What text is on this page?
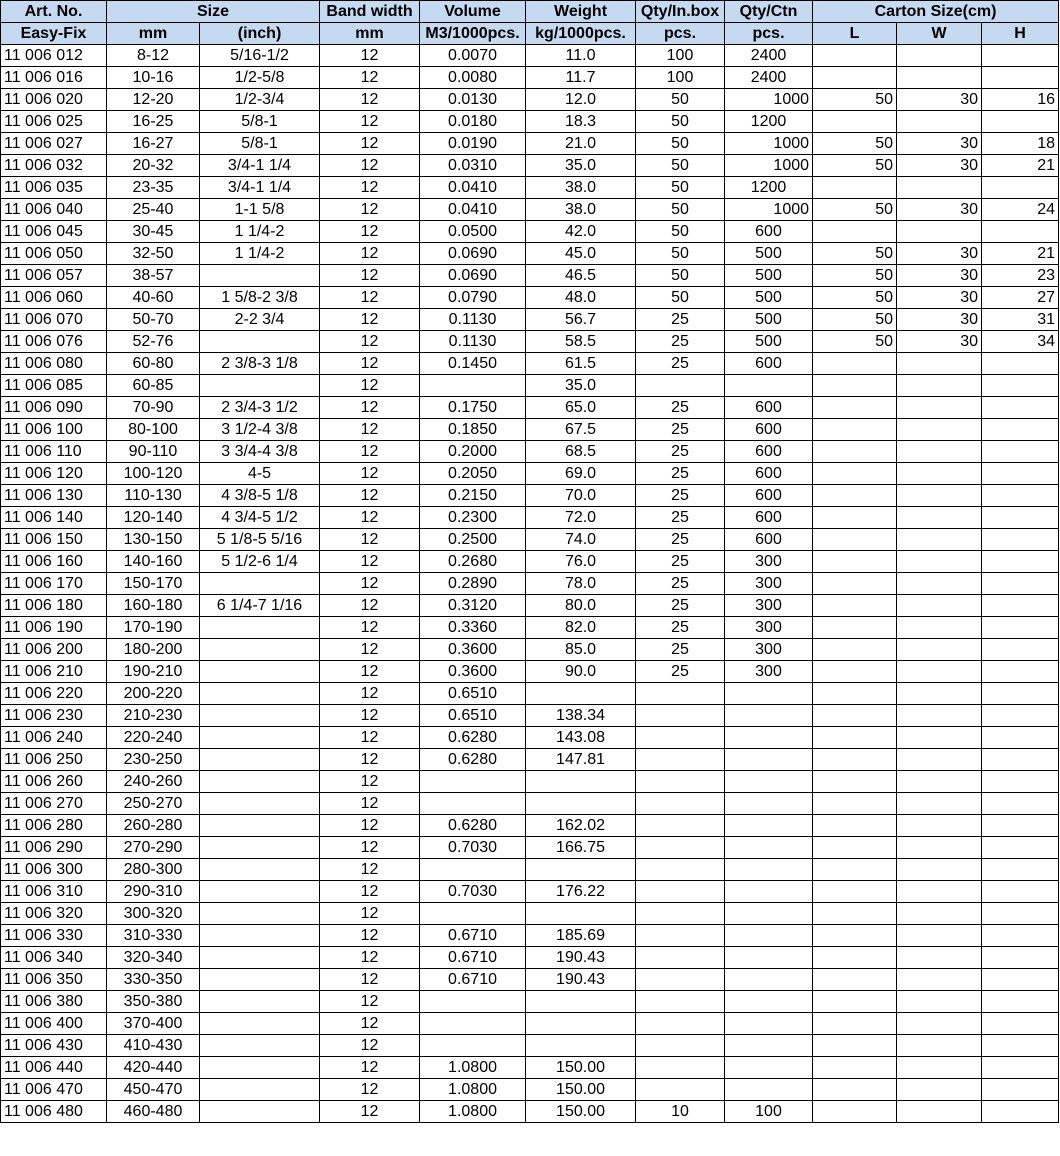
Art. No.	Size		Band width	Volume	Weight	Qty/In.box	Qty/Ctn	Carton Size(cm)		
Easy-Fix	mm	(inch)	mm	M3/1000pcs.	kg/1000pcs.	pcs.	pcs.	L	W	H
11 006 012	8-12	5/16-1/2	12	0.0070	11.0	100	2400			
11 006 016	10-16	1/2-5/8	12	0.0080	11.7	100	2400			
11 006 020	12-20	1/2-3/4	12	0.0130	12.0	50	1000	50	30	16
11 006 025	16-25	5/8-1	12	0.0180	18.3	50	1200			
11 006 027	16-27	5/8-1	12	0.0190	21.0	50	1000	50	30	18
11 006 032	20-32	3/4-1 1/4	12	0.0310	35.0	50	1000	50	30	21
11 006 035	23-35	3/4-1 1/4	12	0.0410	38.0	50	1200			
11 006 040	25-40	1-1 5/8	12	0.0410	38.0	50	1000	50	30	24
11 006 045	30-45	1 1/4-2	12	0.0500	42.0	50	600			
11 006 050	32-50	1 1/4-2	12	0.0690	45.0	50	500	50	30	21
11 006 057	38-57		12	0.0690	46.5	50	500	50	30	23
11 006 060	40-60	1 5/8-2 3/8	12	0.0790	48.0	50	500	50	30	27
11 006 070	50-70	2-2 3/4	12	0.1130	56.7	25	500	50	30	31
11 006 076	52-76		12	0.1130	58.5	25	500	50	30	34
11 006 080	60-80	2 3/8-3 1/8	12	0.1450	61.5	25	600			
11 006 085	60-85		12		35.0					
11 006 090	70-90	2 3/4-3 1/2	12	0.1750	65.0	25	600			
11 006 100	80-100	3 1/2-4 3/8	12	0.1850	67.5	25	600			
11 006 110	90-110	3 3/4-4 3/8	12	0.2000	68.5	25	600			
11 006 120	100-120	4-5	12	0.2050	69.0	25	600			
11 006 130	110-130	4 3/8-5 1/8	12	0.2150	70.0	25	600			
11 006 140	120-140	4 3/4-5 1/2	12	0.2300	72.0	25	600			
11 006 150	130-150	5 1/8-5 5/16	12	0.2500	74.0	25	600			
11 006 160	140-160	5 1/2-6 1/4	12	0.2680	76.0	25	300			
11 006 170	150-170		12	0.2890	78.0	25	300			
11 006 180	160-180	6 1/4-7 1/16	12	0.3120	80.0	25	300			
11 006 190	170-190		12	0.3360	82.0	25	300			
11 006 200	180-200		12	0.3600	85.0	25	300			
11 006 210	190-210		12	0.3600	90.0	25	300			
11 006 220	200-220		12	0.6510						
11 006 230	210-230		12	0.6510	138.34					
11 006 240	220-240		12	0.6280	143.08					
11 006 250	230-250		12	0.6280	147.81					
11 006 260	240-260		12							
11 006 270	250-270		12							
11 006 280	260-280		12	0.6280	162.02					
11 006 290	270-290		12	0.7030	166.75					
11 006 300	280-300		12							
11 006 310	290-310		12	0.7030	176.22					
11 006 320	300-320		12							
11 006 330	310-330		12	0.6710	185.69					
11 006 340	320-340		12	0.6710	190.43					
11 006 350	330-350		12	0.6710	190.43					
11 006 380	350-380		12							
11 006 400	370-400		12							
11 006 430	410-430		12							
11 006 440	420-440		12	1.0800	150.00					
11 006 470	450-470		12	1.0800	150.00					
11 006 480	460-480		12	1.0800	150.00	10	100			
